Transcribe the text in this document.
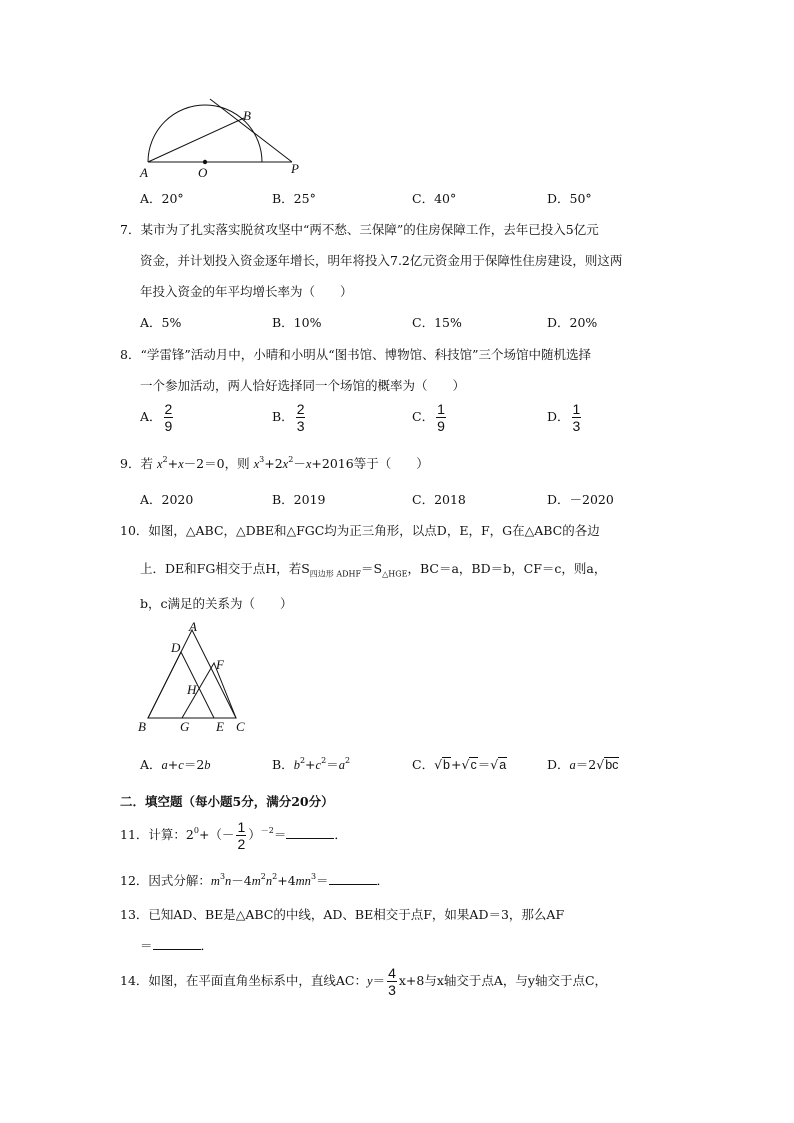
A	O
B
P
A．20°	B．25°	C．40°	D．50°
7．某市为了扎实落实脱贫攻坚中“两不愁、三保障”的住房保障工作，去年已投入5亿元
资金，并计划投入资金逐年增长，明年将投入7.2亿元资金用于保障性住房建设，则这两
年投入资金的年平均增长率为（　　）
A．5%	B．10%	C．15%	D．20%
8．“学雷锋”活动月中，小晴和小明从“图书馆、博物馆、科技馆”三个场馆中随机选择
一个参加活动，两人恰好选择同一个场馆的概率为（　　）
A． $\frac{2}{9}$	B． $\frac{2}{3}$	C． $\frac{1}{9}$	D． $\frac{1}{3}$
9．若 $x^2+x-2=0$，则 $x^3+2x^2-x+2016$等于（　　）
A．2020	B．2019	C．2018	D．－2020
10．如图，△ABC，△DBE和△FGC均为正三角形，以点D，E，F，G在△ABC的各边
上．DE和FG相交于点H，若$S_{四边形 ADHF}=S_{\triangle HGE}$，BC＝a，BD＝b，CF＝c，则a，
b，c满足的关系为（　　）
A
D
F
H
B	G E C
A．a+c＝2b	B．$b^2+c^2=a^2$	C．√b+√c＝√a	D．a＝2√bc
二．填空题（每小题5分，满分20分）
11．计算：$2^0+(- \frac{1}{2} )^{-2}=$	．
12．因式分解：$m^3n-4m^2n^2+4mn^3=$	．
13．已知AD、BE是△ABC的中线，AD、BE相交于点F，如果AD＝3，那么AF
＝	．
14．如图，在平面直角坐标系中，直线AC：$y= \frac{4}{3} x+8$与x轴交于点A，与y轴交于点C，
